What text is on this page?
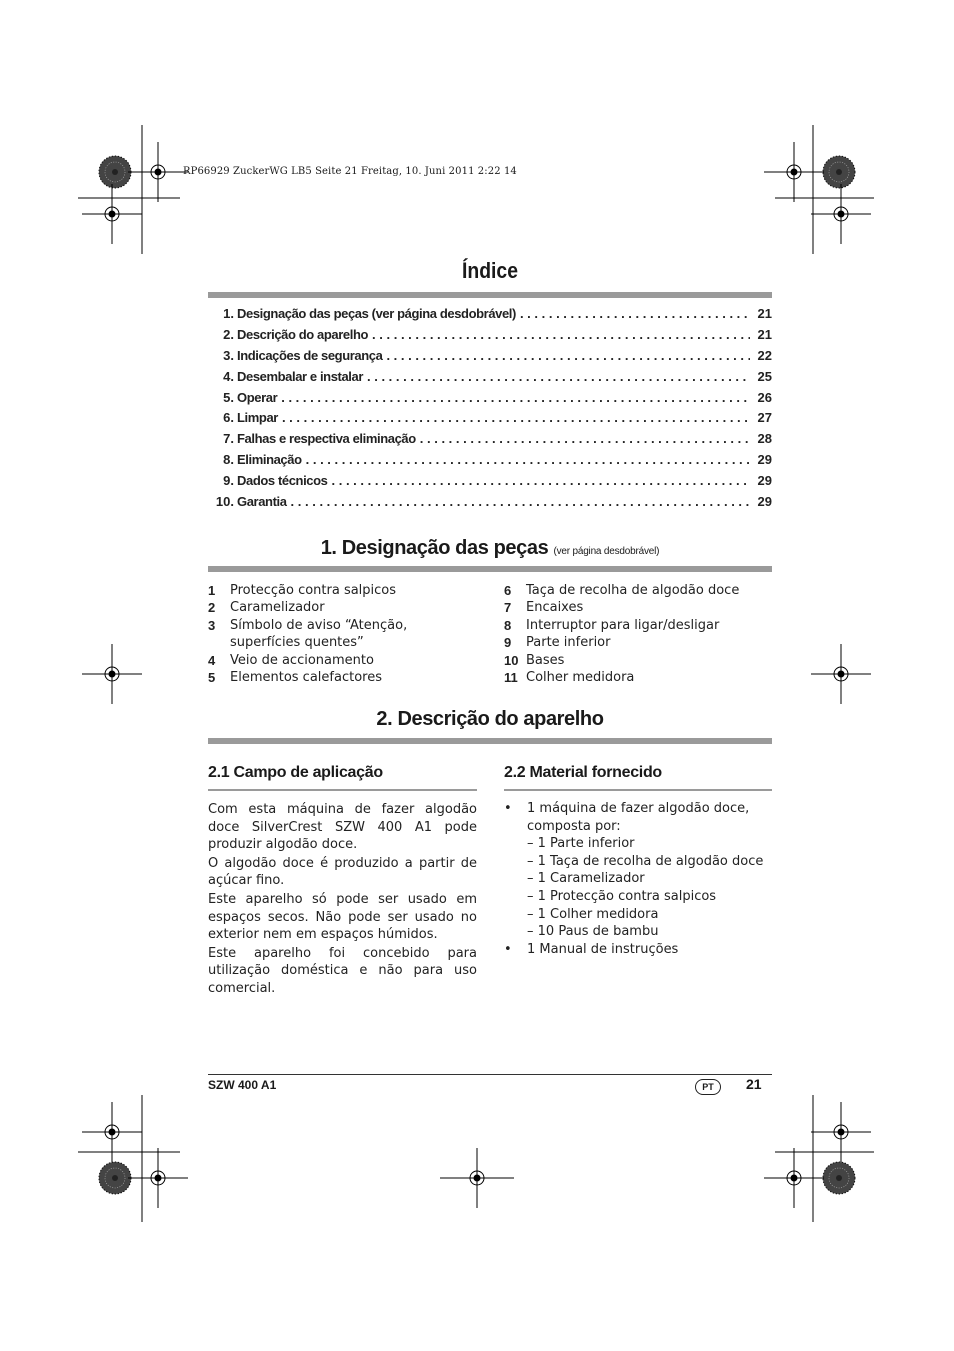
RP66929 ZuckerWG LB5 Seite 21 Freitag, 10. Juni 2011 2:22 14
Índice
1. Designação das peças (ver página desdobrável) . . .	21
2. Descrição do aparelho . . .	21
3. Indicações de segurança . . .	22
4. Desembalar e instalar . . .	25
5. Operar . . .	26
6. Limpar . . .	27
7. Falhas e respectiva eliminação . . .	28
8. Eliminação . . .	29
9. Dados técnicos . . .	29
10. Garantia . . .	29
1. Designação das peças (ver página desdobrável)
1	Protecção contra salpicos
2	Caramelizador
3	Símbolo de aviso “Atenção, superfícies quentes”
4	Veio de accionamento
5	Elementos calefactores
6	Taça de recolha de algodão doce
7	Encaixes
8	Interruptor para ligar/desligar
9	Parte inferior
10 Bases
11 Colher medidora
2. Descrição do aparelho
2.1 Campo de aplicação

Com esta máquina de fazer algodão doce SilverCrest SZW 400 A1 pode produzir algodão doce.

O algodão doce é produzido a partir de açúcar fino.

Este aparelho só pode ser usado em espaços secos. Não pode ser usado no exterior nem em espaços húmidos.

Este aparelho foi concebido para utilização doméstica e não para uso comercial.

2.2 Material fornecido
•	1 máquina de fazer algodão doce, composta por:
– 1 Parte inferior
– 1 Taça de recolha de algodão doce
– 1 Caramelizador
– 1 Protecção contra salpicos
– 1 Colher medidora
– 10 Paus de bambu
•	1 Manual de instruções
SZW 400 A1	PT	21
